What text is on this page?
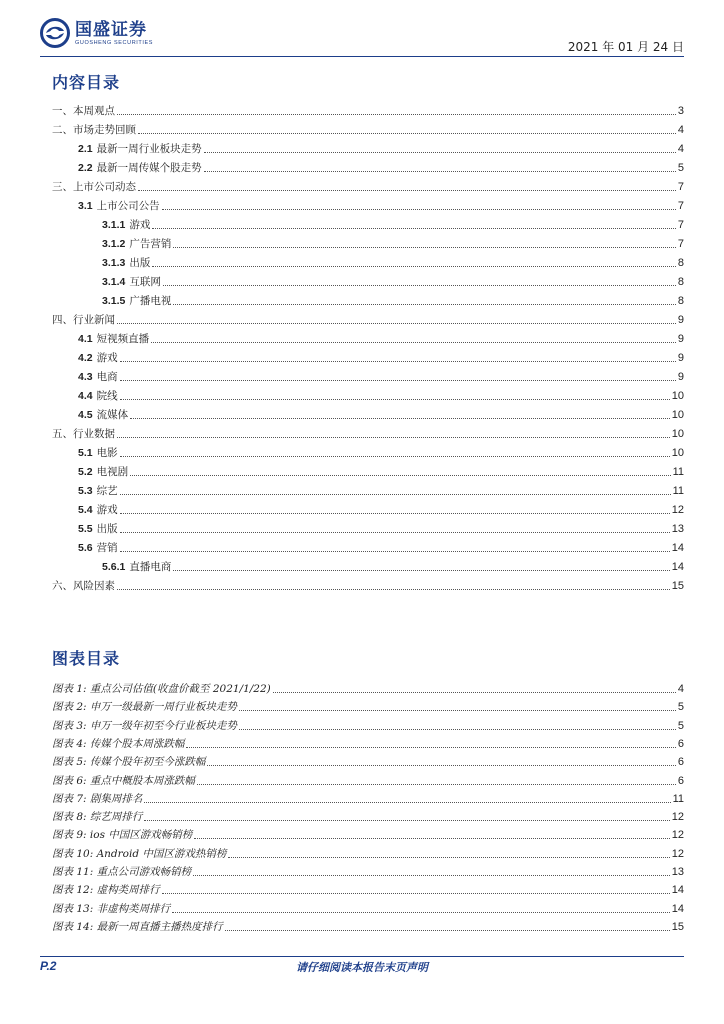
国盛证券
GUOSHENG SECURITIES	2021 年 01 月 24 日
内容目录
一、本周观点	3
二、市场走势回顾	4
2.1 最新一周行业板块走势	4
2.2 最新一周传媒个股走势	5
三、上市公司动态	7
3.1 上市公司公告	7
3.1.1 游戏	7
3.1.2 广告营销	7
3.1.3 出版	8
3.1.4 互联网	8
3.1.5 广播电视	8
四、行业新闻	9
4.1 短视频直播	9
4.2 游戏	9
4.3 电商	9
4.4 院线	10
4.5 流媒体	10
五、行业数据	10
5.1 电影	10
5.2 电视剧	11
5.3 综艺	11
5.4 游戏	12
5.5 出版	13
5.6 营销	14
5.6.1 直播电商	14
六、风险因素	15
图表目录
图表 1: 重点公司估值(收盘价截至 2021/1/22)	4
图表 2: 申万一级最新一周行业板块走势	5
图表 3: 申万一级年初至今行业板块走势	5
图表 4: 传媒个股本周涨跌幅	6
图表 5: 传媒个股年初至今涨跌幅	6
图表 6: 重点中概股本周涨跌幅	6
图表 7: 剧集周排名	11
图表 8: 综艺周排行	12
图表 9: ios 中国区游戏畅销榜	12
图表 10: Android 中国区游戏热销榜	12
图表 11: 重点公司游戏畅销榜	13
图表 12: 虚构类周排行	14
图表 13: 非虚构类周排行	14
图表 14: 最新一周直播主播热度排行	15
P.2	请仔细阅读本报告末页声明
